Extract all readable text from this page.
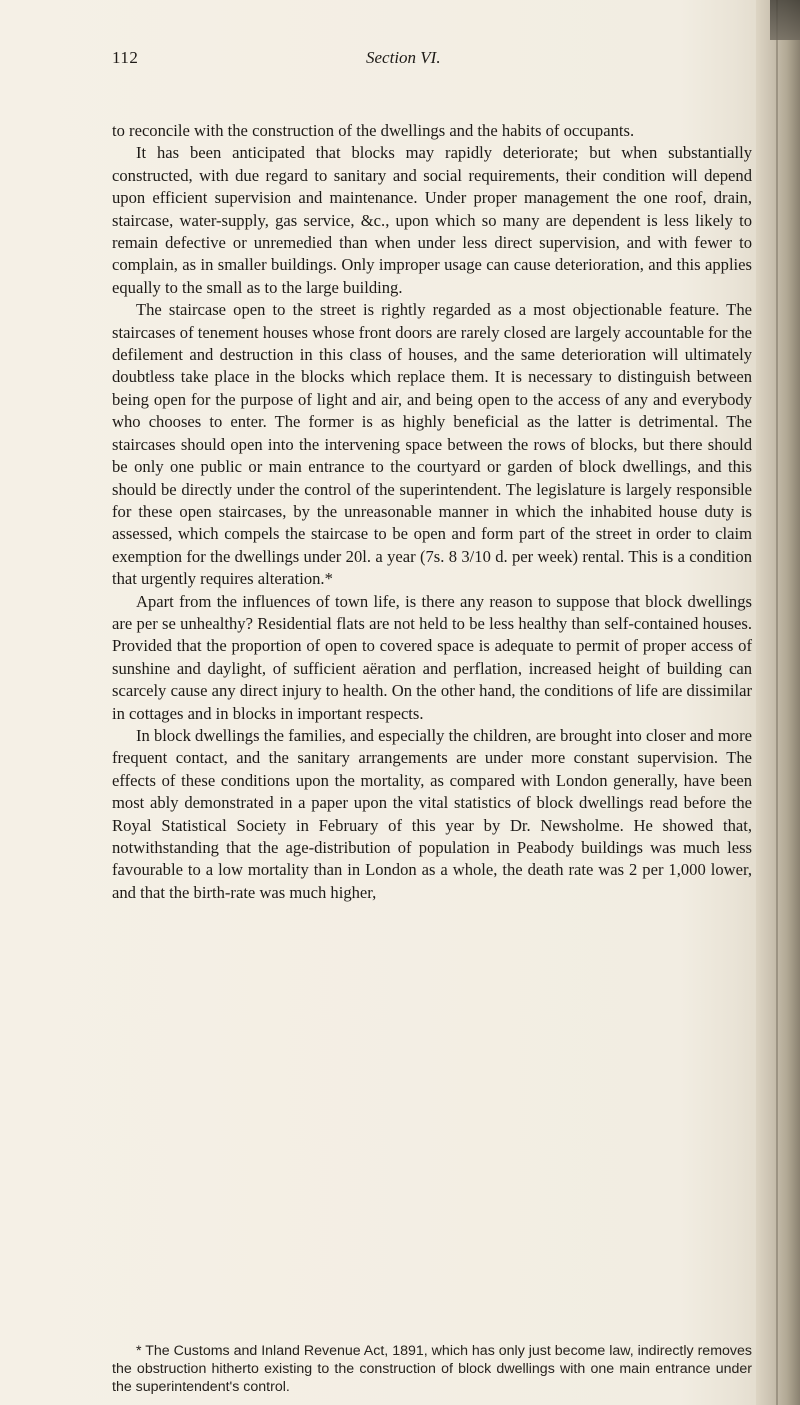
112	Section VI.

to reconcile with the construction of the dwellings and the habits of occupants.

It has been anticipated that blocks may rapidly deteriorate; but when substantially constructed, with due regard to sanitary and social requirements, their condition will depend upon efficient supervision and maintenance. Under proper management the one roof, drain, staircase, water-supply, gas service, &c., upon which so many are dependent is less likely to remain defective or unremedied than when under less direct supervision, and with fewer to complain, as in smaller buildings. Only improper usage can cause deterioration, and this applies equally to the small as to the large building.

The staircase open to the street is rightly regarded as a most objectionable feature. The staircases of tenement houses whose front doors are rarely closed are largely accountable for the defilement and destruction in this class of houses, and the same deterioration will ultimately doubtless take place in the blocks which replace them. It is necessary to distinguish between being open for the purpose of light and air, and being open to the access of any and everybody who chooses to enter. The former is as highly beneficial as the latter is detrimental. The staircases should open into the intervening space between the rows of blocks, but there should be only one public or main entrance to the courtyard or garden of block dwellings, and this should be directly under the control of the superintendent. The legislature is largely responsible for these open staircases, by the unreasonable manner in which the inhabited house duty is assessed, which compels the staircase to be open and form part of the street in order to claim exemption for the dwellings under 20l. a year (7s. 8 3/10 d. per week) rental. This is a condition that urgently requires alteration.*

Apart from the influences of town life, is there any reason to suppose that block dwellings are per se unhealthy? Residential flats are not held to be less healthy than self-contained houses. Provided that the proportion of open to covered space is adequate to permit of proper access of sunshine and daylight, of sufficient aëration and perflation, increased height of building can scarcely cause any direct injury to health. On the other hand, the conditions of life are dissimilar in cottages and in blocks in important respects.

In block dwellings the families, and especially the children, are brought into closer and more frequent contact, and the sanitary arrangements are under more constant supervision. The effects of these conditions upon the mortality, as compared with London generally, have been most ably demonstrated in a paper upon the vital statistics of block dwellings read before the Royal Statistical Society in February of this year by Dr. Newsholme. He showed that, notwithstanding that the age-distribution of population in Peabody buildings was much less favourable to a low mortality than in London as a whole, the death rate was 2 per 1,000 lower, and that the birth-rate was much higher,

* The Customs and Inland Revenue Act, 1891, which has only just become law, indirectly removes the obstruction hitherto existing to the construction of block dwellings with one main entrance under the superintendent's control.
